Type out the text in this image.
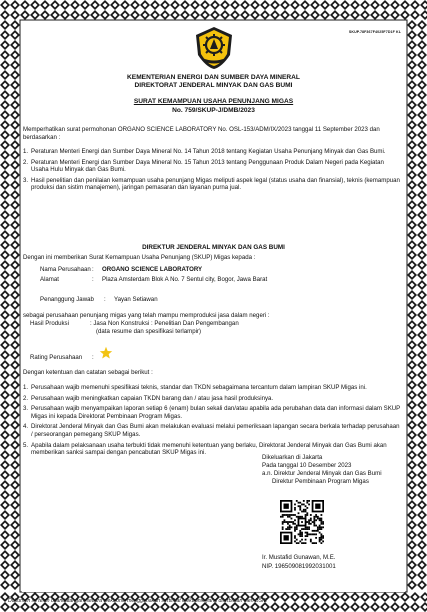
SKUP.78F367F4025F7D1F KL
KEMENTERIAN ENERGI DAN SUMBER DAYA MINERAL
DIREKTORAT JENDERAL MINYAK DAN GAS BUMI
SURAT KEMAMPUAN USAHA PENUNJANG MIGAS
No. 759/SKUP-J/DMB/2023
Memperhatikan surat permohonan ORGANO SCIENCE LABORATORY No. OSL-153/ADM/IX/2023 tanggal 11 September 2023 dan berdasarkan :
1. Peraturan Menteri Energi dan Sumber Daya Mineral No. 14 Tahun 2018 tentang Kegiatan Usaha Penunjang Minyak dan Gas Bumi.
2. Peraturan Menteri Energi dan Sumber Daya Mineral No. 15 Tahun 2013 tentang Penggunaan Produk Dalam Negeri pada Kegiatan Usaha Hulu Minyak dan Gas Bumi.
3. Hasil penelitian dan penilaian kemampuan usaha penunjang Migas meliputi aspek legal (status usaha dan finansial), teknis (kemampuan produksi dan sistim manajemen), jaringan pemasaran dan layanan purna jual.
DIREKTUR JENDERAL MINYAK DAN GAS BUMI
Dengan ini memberikan Surat Kemampuan Usaha Penunjang (SKUP) Migas kepada :
Nama Perusahaan :	ORGANO SCIENCE LABORATORY
Alamat	:	Plaza Amsterdam Blok A No. 7 Sentul city, Bogor, Jawa Barat
Penanggung Jawab	:	Yayan Setiawan
sebagai perusahaan penunjang migas yang telah mampu memproduksi jasa dalam negeri :
Hasil Produksi	: Jasa Non Konstruksi : Penelitian Dan Pengembangan
(data resume dan spesifikasi terlampir)
Rating Perusahaan	:
Dengan ketentuan dan catatan sebagai berikut :
1. Perusahaan wajib memenuhi spesifikasi teknis, standar dan TKDN sebagaimana tercantum dalam lampiran SKUP Migas ini.
2. Perusahaan wajib meningkatkan capaian TKDN barang dan / atau jasa hasil produksinya.
3. Perusahaan wajib menyampaikan laporan setiap 6 (enam) bulan sekali dan/atau apabila ada perubahan data dan informasi dalam SKUP Migas ini kepada Direktorat Pembinaan Program Migas.
4. Direktorat Jenderal Minyak dan Gas Bumi akan melakukan evaluasi melalui pemeriksaan lapangan secara berkala terhadap perusahaan / perseorangan pemegang SKUP Migas.
5. Apabila dalam pelaksanaan usaha terbukti tidak memenuhi ketentuan yang berlaku, Direktorat Jenderal Minyak dan Gas Bumi akan memberikan sanksi sampai dengan pencabutan SKUP Migas ini.
Dikeluarkan di Jakarta
Pada tanggal 10 Desember 2023
a.n. Direktur Jenderal Minyak dan Gas Bumi
Direktur Pembinaan Program Migas
Ir. Mustafid Gunawan, M.E.
NIP. 196509081992031001
Dokumen ini telah ditandatangani secara elektronik menggunakan sertifikat elektronik yang diterbitkan oleh BSrE
